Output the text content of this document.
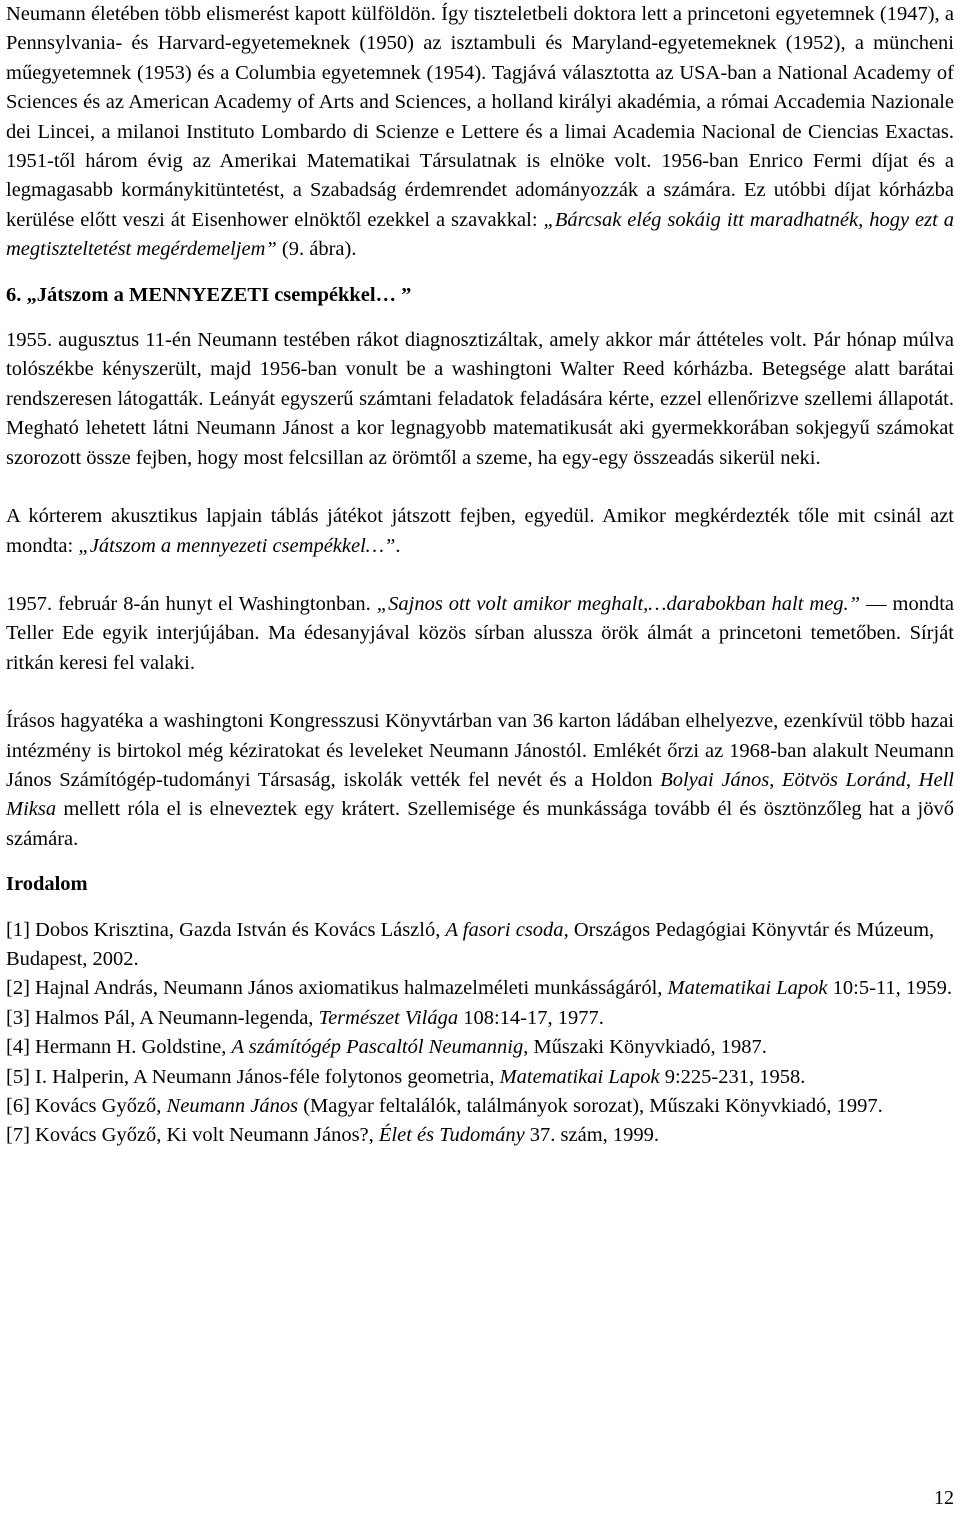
Neumann életében több elismerést kapott külföldön. Így tiszteletbeli doktora lett a princetoni egyetemnek (1947), a Pennsylvania- és Harvard-egyetemeknek (1950) az isztambuli és Maryland-egyetemeknek (1952), a müncheni műegyetemnek (1953) és a Columbia egyetemnek (1954). Tagjává választotta az USA-ban a National Academy of Sciences és az American Academy of Arts and Sciences, a holland királyi akadémia, a római Accademia Nazionale dei Lincei, a milanoi Instituto Lombardo di Scienze e Lettere és a limai Academia Nacional de Ciencias Exactas. 1951-től három évig az Amerikai Matematikai Társulatnak is elnöke volt. 1956-ban Enrico Fermi díjat és a legmagasabb kormánykitüntetést, a Szabadság érdemrendet adományozzák a számára. Ez utóbbi díjat kórházba kerülése előtt veszi át Eisenhower elnöktől ezekkel a szavakkal: „Bárcsak elég sokáig itt maradhatnék, hogy ezt a megtiszteltetést megérdemeljem” (9. ábra).

6. „Játszom a MENNYEZETI csempékkel… ”

1955. augusztus 11-én Neumann testében rákot diagnosztizáltak, amely akkor már áttételes volt. Pár hónap múlva tolószékbe kényszerült, majd 1956-ban vonult be a washingtoni Walter Reed kórházba. Betegsége alatt barátai rendszeresen látogatták. Leányát egyszerű számtani feladatok feladására kérte, ezzel ellenőrizve szellemi állapotát. Megható lehetett látni Neumann Jánost a kor legnagyobb matematikusát aki gyermekkorában sokjegyű számokat szorozott össze fejben, hogy most felcsillan az örömtől a szeme, ha egy-egy összeadás sikerül neki.

A kórterem akusztikus lapjain táblás játékot játszott fejben, egyedül. Amikor megkérdezték tőle mit csinál azt mondta: „Játszom a mennyezeti csempékkel…”.

1957. február 8-án hunyt el Washingtonban. „Sajnos ott volt amikor meghalt,…darabokban halt meg.” — mondta Teller Ede egyik interjújában. Ma édesanyjával közös sírban alussza örök álmát a princetoni temetőben. Sírját ritkán keresi fel valaki.

Írásos hagyatéka a washingtoni Kongresszusi Könyvtárban van 36 karton ládában elhelyezve, ezenkívül több hazai intézmény is birtokol még kéziratokat és leveleket Neumann Jánostól. Emlékét őrzi az 1968-ban alakult Neumann János Számítógép-tudományi Társaság, iskolák vették fel nevét és a Holdon Bolyai János, Eötvös Loránd, Hell Miksa mellett róla el is elneveztek egy krátert. Szellemisége és munkássága tovább él és ösztönzőleg hat a jövő számára.

Irodalom

[1] Dobos Krisztina, Gazda István és Kovács László, A fasori csoda, Országos Pedagógiai Könyvtár és Múzeum, Budapest, 2002.

[2] Hajnal András, Neumann János axiomatikus halmazelméleti munkásságáról, Matematikai Lapok 10:5-11, 1959.

[3] Halmos Pál, A Neumann-legenda, Természet Világa 108:14-17, 1977.

[4] Hermann H. Goldstine, A számítógép Pascaltól Neumannig, Műszaki Könyvkiadó, 1987.

[5] I. Halperin, A Neumann János-féle folytonos geometria, Matematikai Lapok 9:225-231, 1958.

[6] Kovács Győző, Neumann János (Magyar feltalálók, találmányok sorozat), Műszaki Könyvkiadó, 1997.

[7] Kovács Győző, Ki volt Neumann János?, Élet és Tudomány 37. szám, 1999.

12
